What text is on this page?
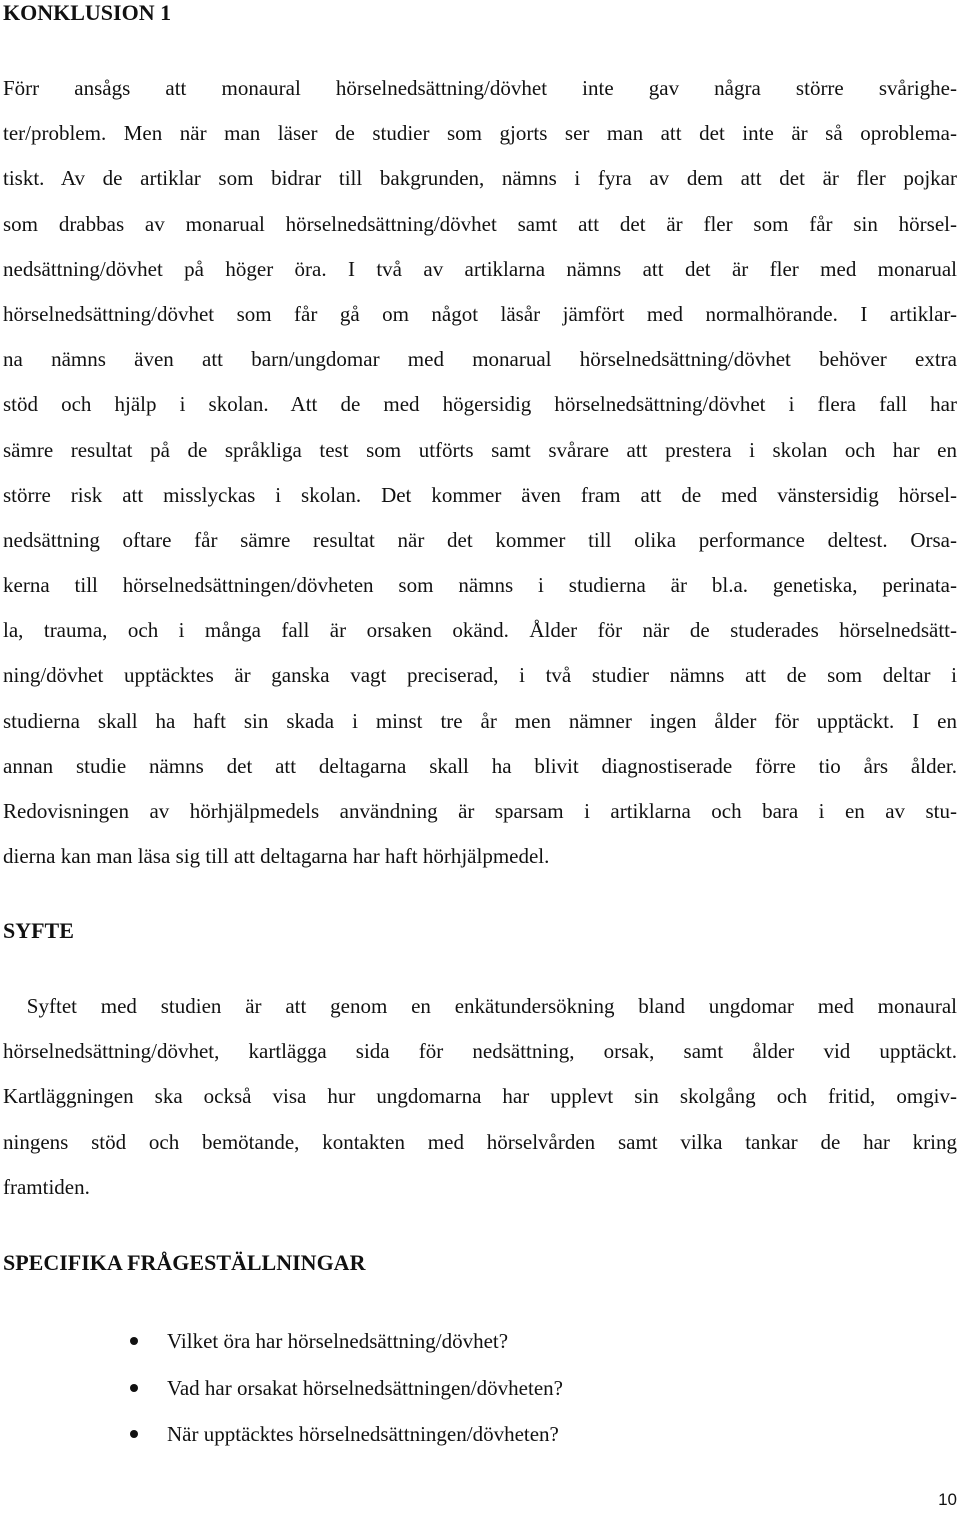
KONKLUSION 1
Förr ansågs att monaural hörselnedsättning/dövhet inte gav några större svårighe-
ter/problem. Men när man läser de studier som gjorts ser man att det inte är så oproblema-
tiskt. Av de artiklar som bidrar till bakgrunden, nämns i fyra av dem att det är fler pojkar
som drabbas av monarual hörselnedsättning/dövhet samt att det är fler som får sin hörsel-
nedsättning/dövhet på höger öra. I två av artiklarna nämns att det är fler med monarual
hörselnedsättning/dövhet som får gå om något läsår jämfört med normalhörande. I artiklar-
na nämns även att barn/ungdomar med monarual hörselnedsättning/dövhet behöver extra
stöd och hjälp i skolan. Att de med högersidig hörselnedsättning/dövhet i flera fall har
sämre resultat på de språkliga test som utförts samt svårare att prestera i skolan och har en
större risk att misslyckas i skolan. Det kommer även fram att de med vänstersidig hörsel-
nedsättning oftare får sämre resultat när det kommer till olika performance deltest. Orsa-
kerna till hörselnedsättningen/dövheten som nämns i studierna är bl.a. genetiska, perinata-
la, trauma, och i många fall är orsaken okänd. Ålder för när de studerades hörselnedsätt-
ning/dövhet upptäcktes är ganska vagt preciserad, i två studier nämns att de som deltar i
studierna skall ha haft sin skada i minst tre år men nämner ingen ålder för upptäckt. I en
annan studie nämns det att deltagarna skall ha blivit diagnostiserade förre tio års ålder.
Redovisningen av hörhjälpmedels användning är sparsam i artiklarna och bara i en av stu-
dierna kan man läsa sig till att deltagarna har haft hörhjälpmedel.
SYFTE
Syftet med studien är att genom en enkätundersökning bland ungdomar med monaural
hörselnedsättning/dövhet, kartlägga sida för nedsättning, orsak, samt ålder vid upptäckt.
Kartläggningen ska också visa hur ungdomarna har upplevt sin skolgång och fritid, omgiv-
ningens stöd och bemötande, kontakten med hörselvården samt vilka tankar de har kring
framtiden.
SPECIFIKA FRÅGESTÄLLNINGAR
Vilket öra har hörselnedsättning/dövhet?
Vad har orsakat hörselnedsättningen/dövheten?
När upptäcktes hörselnedsättningen/dövheten?
10
